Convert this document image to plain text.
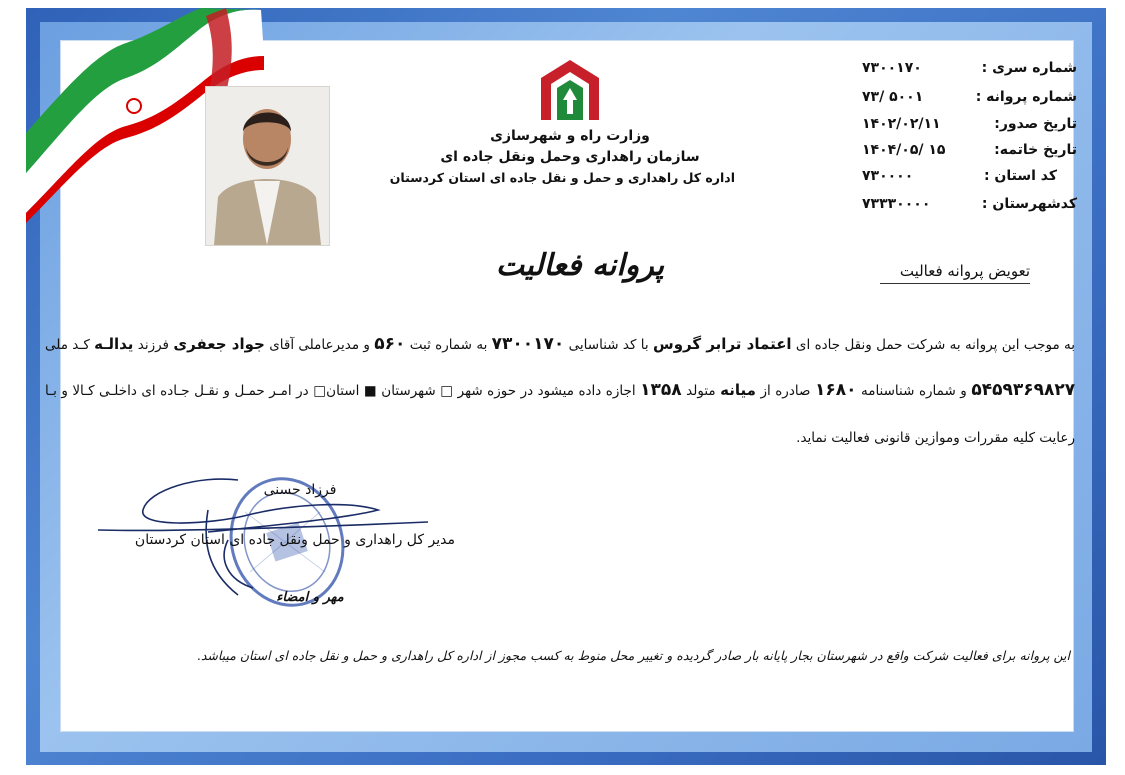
وزارت راه و شهرسازی
سازمان راهداری وحمل ونقل جاده ای
اداره کل راهداری و حمل و نقل جاده ای استان کردستان
شماره سری :
۷۳۰۰۱۷۰
شماره پروانه :
۷۳/ ۵۰۰۱
تاریخ صدور:
۱۴۰۲/۰۲/۱۱
تاریخ خاتمه:
۱۴۰۴/۰۵/ ۱۵
کد استان :
۷۳۰۰۰۰
کدشهرستان :
۷۳۳۳۰۰۰۰
پروانه فعالیت	تعویض پروانه فعالیت
به موجب این پروانه به شرکت حمل ونقل جاده ای اعتماد ترابر گروس با کد شناسایی ۷۳۰۰۱۷۰ به شماره ثبت ۵۶۰ و مدیرعاملی آقای جواد جعفری فرزند یدالـه کـد ملی
۵۴۵۹۳۶۹۸۲۷ و شماره شناسنامه ۱۶۸۰ صادره از میانه متولد ۱۳۵۸ اجازه داده میشود در حوزه شهر □ شهرستان ■ استان□ در امـر حمـل و نقـل جـاده ای داخلـی کـالا و بـا
رعایت کلیه مقررات وموازین قانونی فعالیت نماید.
فرزاد حسنی
مدیر کل راهداری و حمل ونقل جاده ای استان کردستان
مهر و امضاء
این پروانه برای فعالیت شرکت واقع در شهرستان بجار پایانه بار صادر گردیده و تغییر محل منوط به کسب مجوز از اداره کل راهداری و حمل و نقل جاده ای استان میباشد.
